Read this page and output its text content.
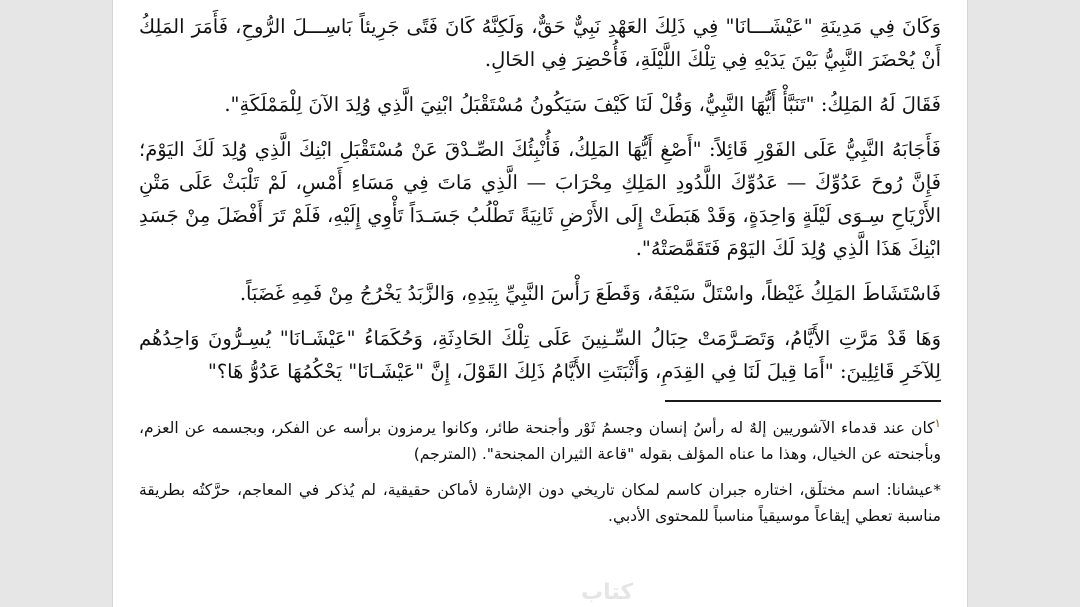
وَكَانَ فِي مَدِينَةِ "عَيْشَـــانَا" فِي ذَلِكَ العَهْدِ نَبِيٌّ حَقٌّ، وَلَكِنَّهُ كَانَ فَتًى جَرِيئاً بَاسِـــلَ الرُّوحِ، فَأَمَرَ المَلِكُ أَنْ يُحْضَرَ النَّبِيُّ بَيْنَ يَدَيْهِ فِي تِلْكَ اللَّيْلَةِ، فَأُحْضِرَ فِي الحَالِ.

فَقَالَ لَهُ المَلِكُ: "تَنَبَّأْ أَيُّهَا النَّبِيُّ، وَقُلْ لَنَا كَيْفَ سَيَكُونُ مُسْتَقْبَلُ ابْنِيَ الَّذِي وُلِدَ الآنَ لِلْمَمْلَكَةِ".

فَأَجَابَهُ النَّبِيُّ عَلَى الفَوْرِ قَائِلاً: "أَصْغِ أَيُّهَا المَلِكُ، فَأُنْبِئُكَ الصِّـدْقَ عَنْ مُسْتَقْبَلِ ابْنِكَ الَّذِي وُلِدَ لَكَ اليَوْمَ؛ فَإِنَّ رُوحَ عَدُوِّكَ — عَدُوِّكَ اللَّدُودِ المَلِكِ مِحْرَابَ — الَّذِي مَاتَ فِي مَسَاءِ أَمْسِ، لَمْ تَلْبَثْ عَلَى مَتْنِ الأَرْيَاحِ سِـوَى لَيْلَةٍ وَاحِدَةٍ، وَقَدْ هَبَطَتْ إِلَى الأَرْضِ ثَانِيَةً تَطْلُبُ جَسَـدَاً تَأْوِي إِلَيْهِ، فَلَمْ تَرَ أَفْضَلَ مِنْ جَسَدِ ابْنِكَ هَذَا الَّذِي وُلِدَ لَكَ اليَوْمَ فَتَقَمَّصَتْهُ".

فَاسْتَشَاطَ المَلِكُ غَيْظاً، واسْتَلَّ سَيْفَهُ، وَقَطَعَ رَأْسَ النَّبِيِّ بِيَدِهِ، وَالزَّبَدُ يَخْرُجُ مِنْ فَمِهِ غَضَبَاً.

وَهَا قَدْ مَرَّتِ الأَيَّامُ، وَتَصَـرَّمَتْ حِبَالُ السِّـنِينَ عَلَى تِلْكَ الحَادِثَةِ، وَحُكَمَاءُ "عَيْشَـانَا" يُسِـرُّونَ وَاحِدُهُم لِلآخَرِ قَائِلِينَ: "أَمَا قِيلَ لَنَا فِي القِدَمِ، وَأَثْبَتَتِ الأَيَّامُ ذَلِكَ القَوْلَ، إِنَّ "عَيْشَـانَا" يَحْكُمُهَا عَدُوُّ هَا؟"

$^١$كان عند قدماء الآشوريين إلهٌ له رأسُ إنسان وجسمُ ثَوْر وأجنحة طائر، وكانوا يرمزون برأسه عن الفكر، وبجسمه عن العزم، وبأجنحته عن الخيال، وهذا ما عناه المؤلف بقوله "قاعة الثيران المجنحة". (المترجم)

*عيشانا: اسم مختلَق، اختاره جبران كاسم لمكان تاريخي دون الإشارة لأماكن حقيقية، لم يُذكر في المعاجم، حرَّكتُه بطريقة مناسبة تعطي إيقاعاً موسيقياً مناسباً للمحتوى الأدبي.

كتاب
